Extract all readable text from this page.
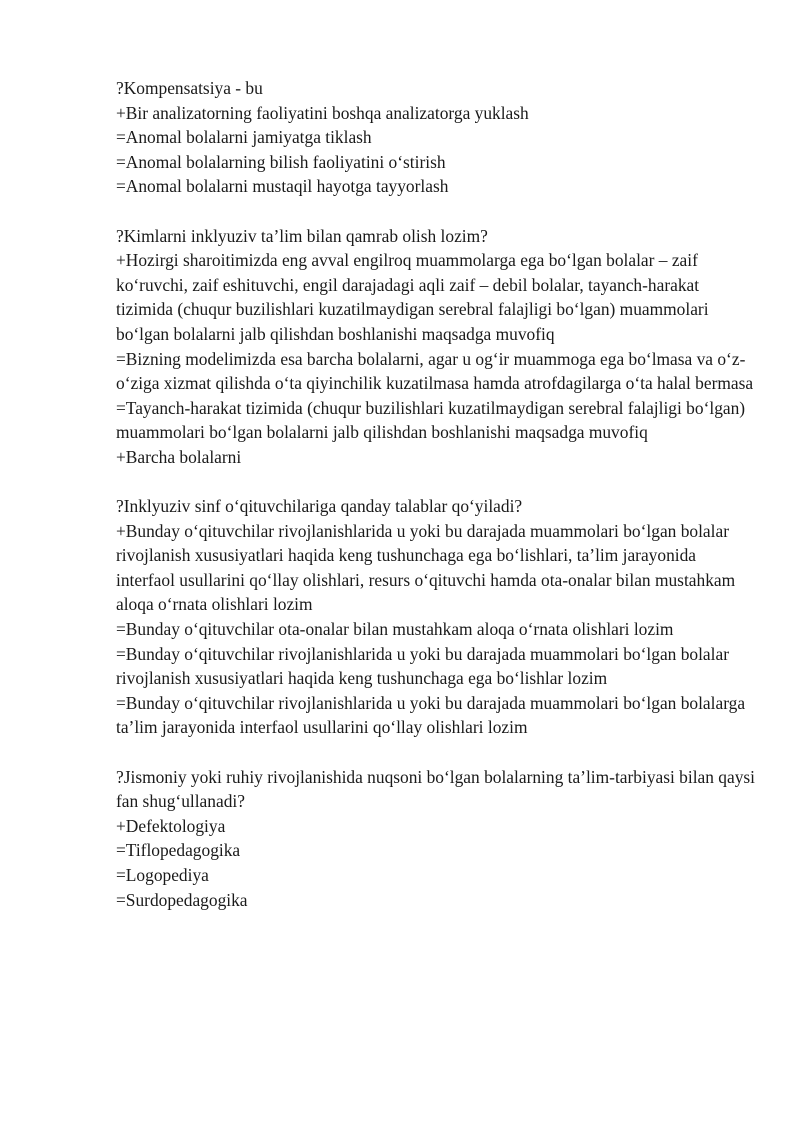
?Kompensatsiya - bu
+Bir analizatorning faoliyatini boshqa analizatorga yuklash
=Anomal bolalarni jamiyatga tiklash
=Anomal bolalarning bilish faoliyatini o‘stirish
=Anomal bolalarni mustaqil hayotga tayyorlash
?Kimlarni inklyuziv ta’lim bilan qamrab olish lozim?
+Hozirgi sharoitimizda eng avval engilroq muammolarga ega bo‘lgan bolalar – zaif ko‘ruvchi, zaif eshituvchi, engil darajadagi aqli zaif – debil bolalar, tayanch-harakat tizimida (chuqur buzilishlari kuzatilmaydigan serebral falajligi bo‘lgan) muammolari bo‘lgan bolalarni jalb qilishdan boshlanishi maqsadga muvofiq
=Bizning modelimizda esa barcha bolalarni, agar u og‘ir muammoga ega bo‘lmasa va o‘z-o‘ziga xizmat qilishda o‘ta qiyinchilik kuzatilmasa hamda atrofdagilarga o‘ta halal bermasa
=Tayanch-harakat tizimida (chuqur buzilishlari kuzatilmaydigan serebral falajligi bo‘lgan) muammolari bo‘lgan bolalarni jalb qilishdan boshlanishi maqsadga muvofiq
+Barcha bolalarni
?Inklyuziv sinf o‘qituvchilariga qanday talablar qo‘yiladi?
+Bunday o‘qituvchilar rivojlanishlarida u yoki bu darajada muammolari bo‘lgan bolalar rivojlanish xususiyatlari haqida keng tushunchaga ega bo‘lishlari, ta’lim jarayonida interfaol usullarini qo‘llay olishlari, resurs o‘qituvchi hamda ota-onalar bilan mustahkam aloqa o‘rnata olishlari lozim
=Bunday o‘qituvchilar ota-onalar bilan mustahkam aloqa o‘rnata olishlari lozim
=Bunday o‘qituvchilar rivojlanishlarida u yoki bu darajada muammolari bo‘lgan bolalar rivojlanish xususiyatlari haqida keng tushunchaga ega bo‘lishlar lozim
=Bunday o‘qituvchilar rivojlanishlarida u yoki bu darajada muammolari bo‘lgan bolalarga ta’lim jarayonida interfaol usullarini qo‘llay olishlari lozim
?Jismoniy yoki ruhiy rivojlanishida nuqsoni bo‘lgan bolalarning ta’lim-tarbiyasi bilan qaysi fan shug‘ullanadi?
+Defektologiya
=Tiflopedagogika
=Logopediya
=Surdopedagogika
